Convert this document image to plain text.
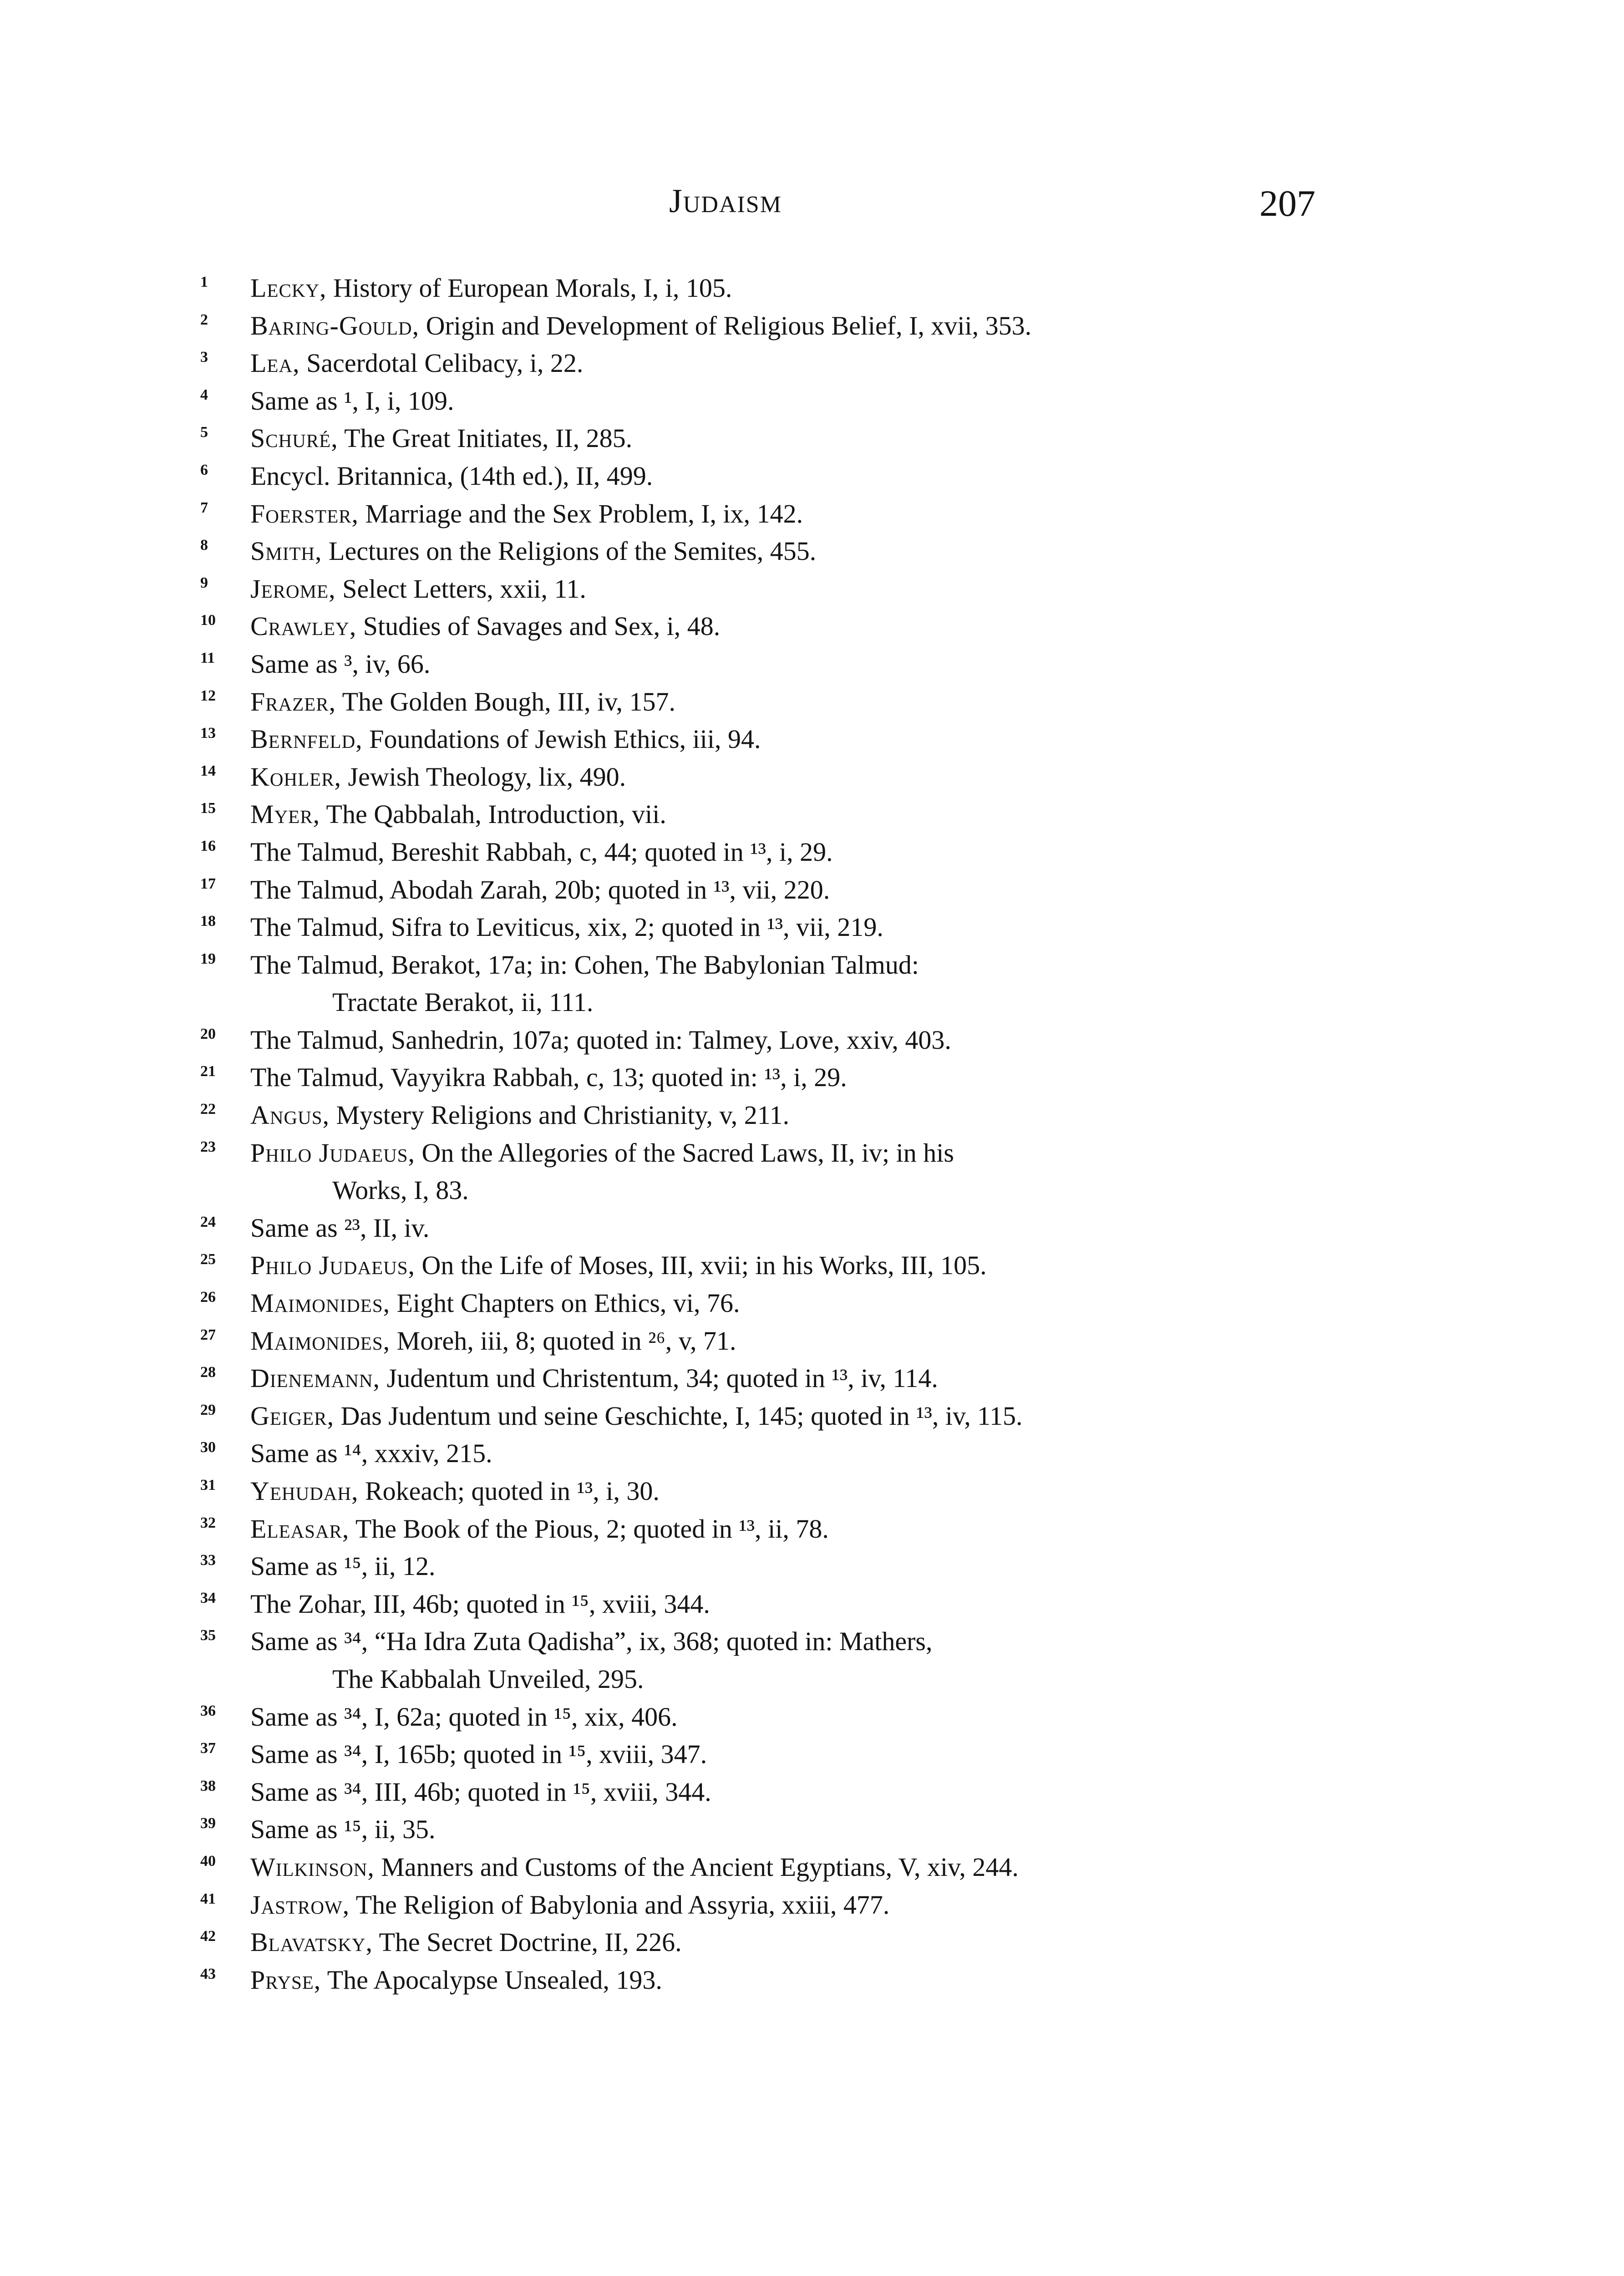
Judaism	207
1	Lecky, History of European Morals, I, i, 105.
2	Baring-Gould, Origin and Development of Religious Belief, I, xvii, 353.
3	Lea, Sacerdotal Celibacy, i, 22.
4	Same as ¹, I, i, 109.
5	Schuré, The Great Initiates, II, 285.
6	Encycl. Britannica, (14th ed.), II, 499.
7	Foerster, Marriage and the Sex Problem, I, ix, 142.
8	Smith, Lectures on the Religions of the Semites, 455.
9	Jerome, Select Letters, xxii, 11.
10	Crawley, Studies of Savages and Sex, i, 48.
11	Same as ³, iv, 66.
12	Frazer, The Golden Bough, III, iv, 157.
13	Bernfeld, Foundations of Jewish Ethics, iii, 94.
14	Kohler, Jewish Theology, lix, 490.
15	Myer, The Qabbalah, Introduction, vii.
16	The Talmud, Bereshit Rabbah, c, 44; quoted in ¹³, i, 29.
17	The Talmud, Abodah Zarah, 20b; quoted in ¹³, vii, 220.
18	The Talmud, Sifra to Leviticus, xix, 2; quoted in ¹³, vii, 219.
19	The Talmud, Berakot, 17a; in: Cohen, The Babylonian Talmud:
Tractate Berakot, ii, 111.
20	The Talmud, Sanhedrin, 107a; quoted in: Talmey, Love, xxiv, 403.
21	The Talmud, Vayyikra Rabbah, c, 13; quoted in: ¹³, i, 29.
22	Angus, Mystery Religions and Christianity, v, 211.
23	Philo Judaeus, On the Allegories of the Sacred Laws, II, iv; in his
Works, I, 83.
24	Same as ²³, II, iv.
25	Philo Judaeus, On the Life of Moses, III, xvii; in his Works, III, 105.
26	Maimonides, Eight Chapters on Ethics, vi, 76.
27	Maimonides, Moreh, iii, 8; quoted in ²⁶, v, 71.
28	Dienemann, Judentum und Christentum, 34; quoted in ¹³, iv, 114.
29	Geiger, Das Judentum und seine Geschichte, I, 145; quoted in ¹³, iv, 115.
30	Same as ¹⁴, xxxiv, 215.
31	Yehudah, Rokeach; quoted in ¹³, i, 30.
32	Eleasar, The Book of the Pious, 2; quoted in ¹³, ii, 78.
33	Same as ¹⁵, ii, 12.
34	The Zohar, III, 46b; quoted in ¹⁵, xviii, 344.
35	Same as ³⁴, “Ha Idra Zuta Qadisha”, ix, 368; quoted in: Mathers,
The Kabbalah Unveiled, 295.
36	Same as ³⁴, I, 62a; quoted in ¹⁵, xix, 406.
37	Same as ³⁴, I, 165b; quoted in ¹⁵, xviii, 347.
38	Same as ³⁴, III, 46b; quoted in ¹⁵, xviii, 344.
39	Same as ¹⁵, ii, 35.
40	Wilkinson, Manners and Customs of the Ancient Egyptians, V, xiv, 244.
41	Jastrow, The Religion of Babylonia and Assyria, xxiii, 477.
42	Blavatsky, The Secret Doctrine, II, 226.
43	Pryse, The Apocalypse Unsealed, 193.
